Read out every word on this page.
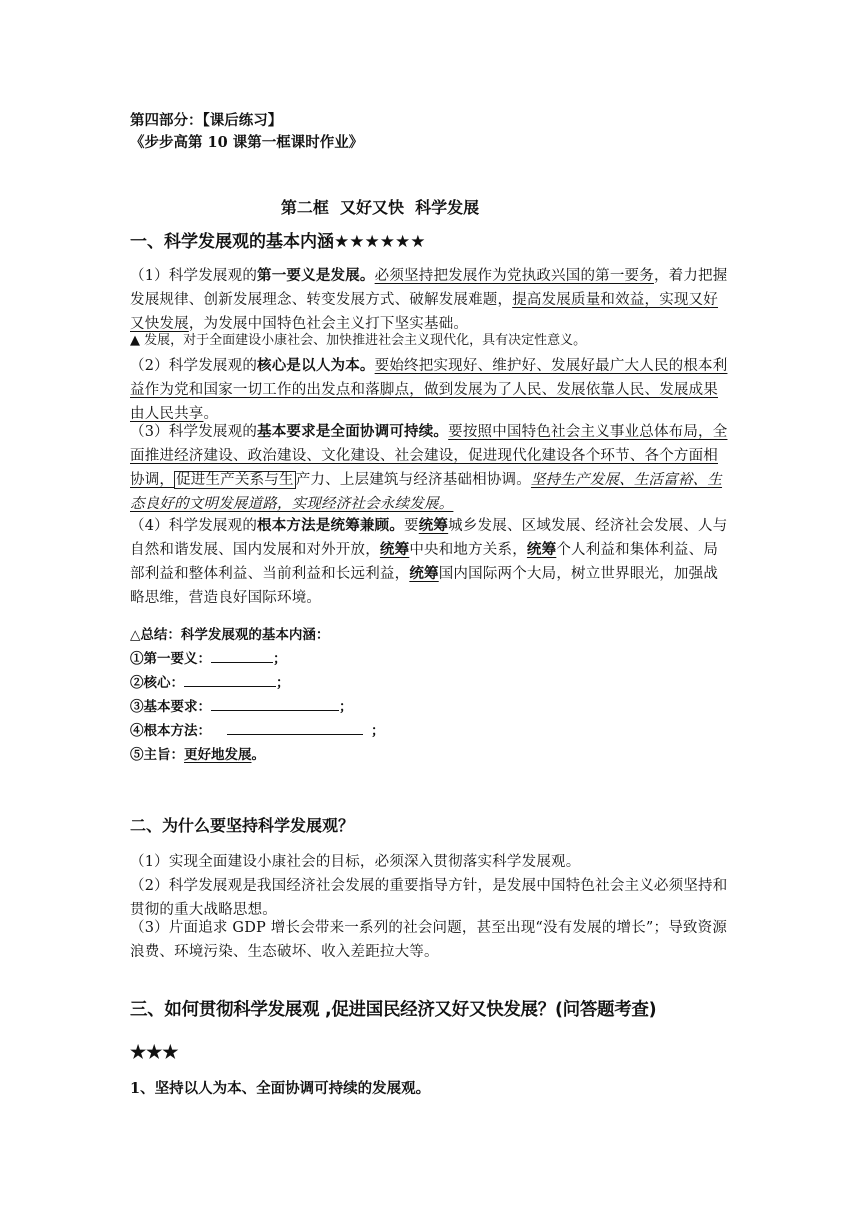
第四部分：【课后练习】
《步步高第 10 课第一框课时作业》
第二框  又好又快  科学发展
一、科学发展观的基本内涵★★★★★★
（1）科学发展观的第一要义是发展。必须坚持把发展作为党执政兴国的第一要务，着力把握发展规律、创新发展理念、转变发展方式、破解发展难题，提高发展质量和效益，实现又好又快发展，为发展中国特色社会主义打下坚实基础。
▲ 发展，对于全面建设小康社会、加快推进社会主义现代化，具有决定性意义。
（2）科学发展观的核心是以人为本。要始终把实现好、维护好、发展好最广大人民的根本利益作为党和国家一切工作的出发点和落脚点，做到发展为了人民、发展依靠人民、发展成果由人民共享。
（3）科学发展观的基本要求是全面协调可持续。要按照中国特色社会主义事业总体布局，全面推进经济建设、政治建设、文化建设、社会建设，促进现代化建设各个环节、各个方面相协调， 促进生产关系与生 产力、上层建筑与经济基础相协调。坚持生产发展、生活富裕、生态良好的文明发展道路，实现经济社会永续发展。
（4）科学发展观的根本方法是统筹兼顾。要统筹城乡发展、区域发展、经济社会发展、人与自然和谐发展、国内发展和对外开放，统筹中央和地方关系，统筹个人利益和集体利益、局部利益和整体利益、当前利益和长远利益，统筹国内国际两个大局，树立世界眼光，加强战略思维，营造良好国际环境。
△总结：科学发展观的基本内涵：
①第一要义：	；
②核心：	；
③基本要求：	；
④根本方法：	；
⑤主旨：更好地发展。
二、为什么要坚持科学发展观？
（1）实现全面建设小康社会的目标，必须深入贯彻落实科学发展观。
（2）科学发展观是我国经济社会发展的重要指导方针，是发展中国特色社会主义必须坚持和贯彻的重大战略思想。
（3）片面追求 GDP 增长会带来一系列的社会问题，甚至出现“没有发展的增长”；导致资源浪费、环境污染、生态破坏、收入差距拉大等。
三、如何贯彻科学发展观 ,促进国民经济又好又快发展？(问答题考查)
★★★
1、坚持以人为本、全面协调可持续的发展观。
